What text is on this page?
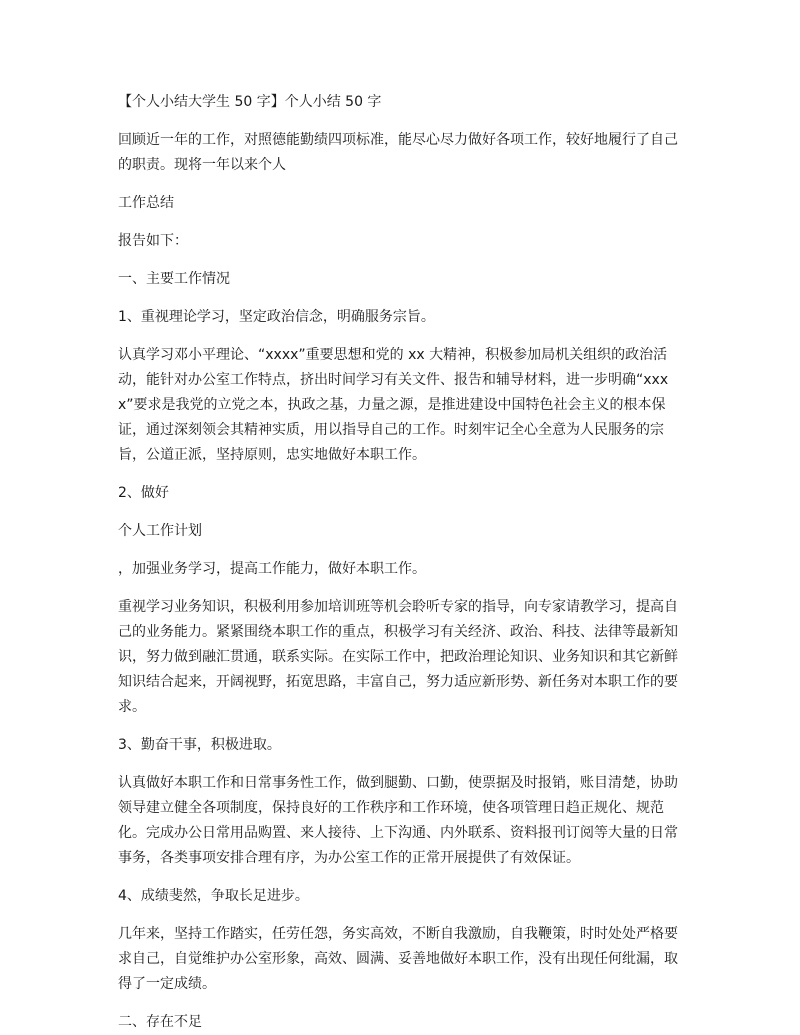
【个人小结大学生 50 字】个人小结 50 字

回顾近一年的工作，对照德能勤绩四项标准，能尽心尽力做好各项工作，较好地履行了自己的职责。现将一年以来个人

工作总结

报告如下：

一、主要工作情况

1、重视理论学习，坚定政治信念，明确服务宗旨。

认真学习邓小平理论、“xxxx”重要思想和党的 xx 大精神，积极参加局机关组织的政治活动，能针对办公室工作特点，挤出时间学习有关文件、报告和辅导材料，进一步明确“xxxx”要求是我党的立党之本，执政之基，力量之源，是推进建设中国特色社会主义的根本保证，通过深刻领会其精神实质，用以指导自己的工作。时刻牢记全心全意为人民服务的宗旨，公道正派，坚持原则，忠实地做好本职工作。

2、做好

个人工作计划

，加强业务学习，提高工作能力，做好本职工作。

重视学习业务知识，积极利用参加培训班等机会聆听专家的指导，向专家请教学习，提高自己的业务能力。紧紧围绕本职工作的重点，积极学习有关经济、政治、科技、法律等最新知识，努力做到融汇贯通，联系实际。在实际工作中，把政治理论知识、业务知识和其它新鲜知识结合起来，开阔视野，拓宽思路，丰富自己，努力适应新形势、新任务对本职工作的要求。

3、勤奋干事，积极进取。

认真做好本职工作和日常事务性工作，做到腿勤、口勤，使票据及时报销，账目清楚，协助领导建立健全各项制度，保持良好的工作秩序和工作环境，使各项管理日趋正规化、规范化。完成办公日常用品购置、来人接待、上下沟通、内外联系、资料报刊订阅等大量的日常事务，各类事项安排合理有序，为办公室工作的正常开展提供了有效保证。

4、成绩斐然，争取长足进步。

几年来，坚持工作踏实，任劳任怨，务实高效，不断自我激励，自我鞭策，时时处处严格要求自己，自觉维护办公室形象，高效、圆满、妥善地做好本职工作，没有出现任何纰漏，取得了一定成绩。

二、存在不足
